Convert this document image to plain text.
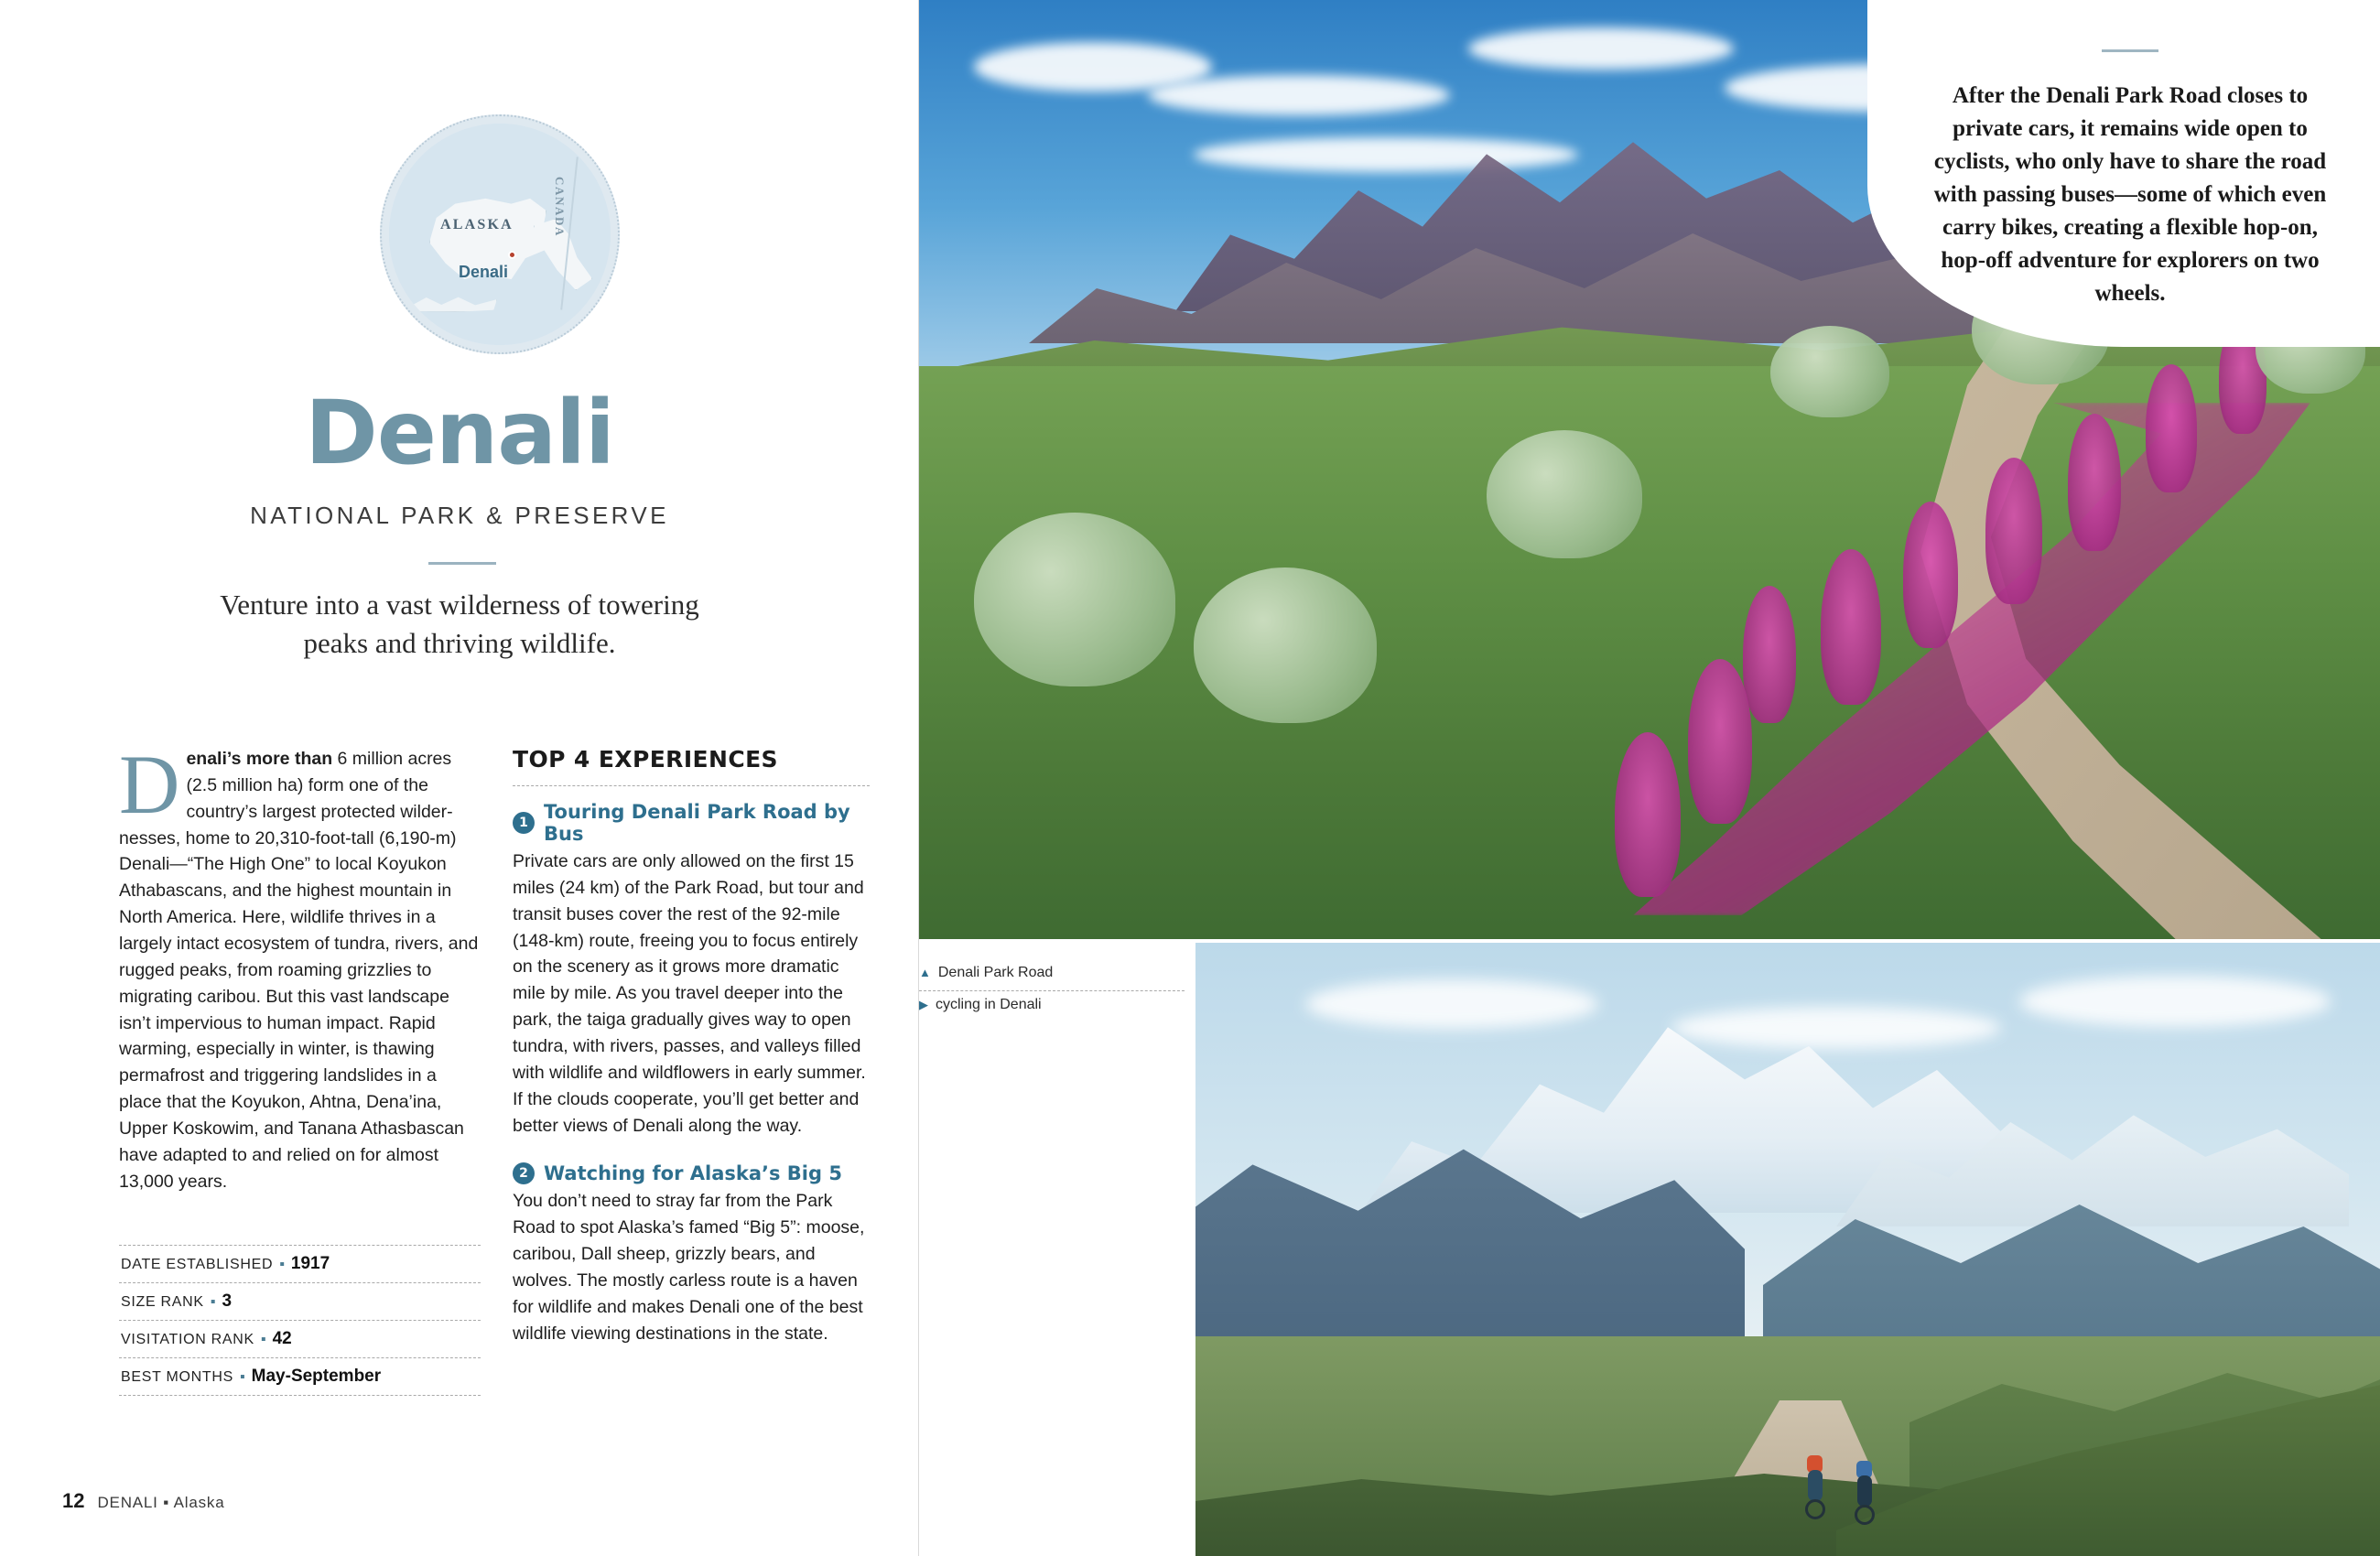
ALASKA	CANADA
Denali
Denali
NATIONAL PARK & PRESERVE
Venture into a vast wilderness of towering peaks and thriving wildlife.

Denali’s more than 6 million acres (2.5 million ha) form one of the country’s largest protected wildernesses, home to 20,310-foot-tall (6,190-m) Denali—“The High One” to local Koyukon Athabascans, and the highest mountain in North America. Here, wildlife thrives in a largely intact ecosystem of tundra, rivers, and rugged peaks, from roaming grizzlies to migrating caribou. But this vast landscape isn’t impervious to human impact. Rapid warming, especially in winter, is thawing permafrost and triggering landslides in a place that the Koyukon, Ahtna, Dena’ina, Upper Koskowim, and Tanana Athasbascan have adapted to and relied on for almost 13,000 years.

DATE ESTABLISHED ▪ 1917
SIZE RANK ▪ 3
VISITATION RANK ▪ 42
BEST MONTHS ▪ May-September
TOP 4 EXPERIENCES
1 Touring Denali Park Road by Bus

Private cars are only allowed on the first 15 miles (24 km) of the Park Road, but tour and transit buses cover the rest of the 92-mile (148-km) route, freeing you to focus entirely on the scenery as it grows more dramatic mile by mile. As you travel deeper into the park, the taiga gradually gives way to open tundra, with rivers, passes, and valleys filled with wildlife and wildflowers in early summer. If the clouds cooperate, you’ll get better and better views of Denali along the way.

2 Watching for Alaska’s Big 5

You don’t need to stray far from the Park Road to spot Alaska’s famed “Big 5”: moose, caribou, Dall sheep, grizzly bears, and wolves. The mostly carless route is a haven for wildlife and makes Denali one of the best wildlife viewing destinations in the state.

12 DENALI ▪ Alaska
After the Denali Park Road closes to private cars, it remains wide open to cyclists, who only have to share the road with passing buses—some of which even carry bikes, creating a flexible hop-on, hop-off adventure for explorers on two wheels.
▲ Denali Park Road
▶ cycling in Denali
